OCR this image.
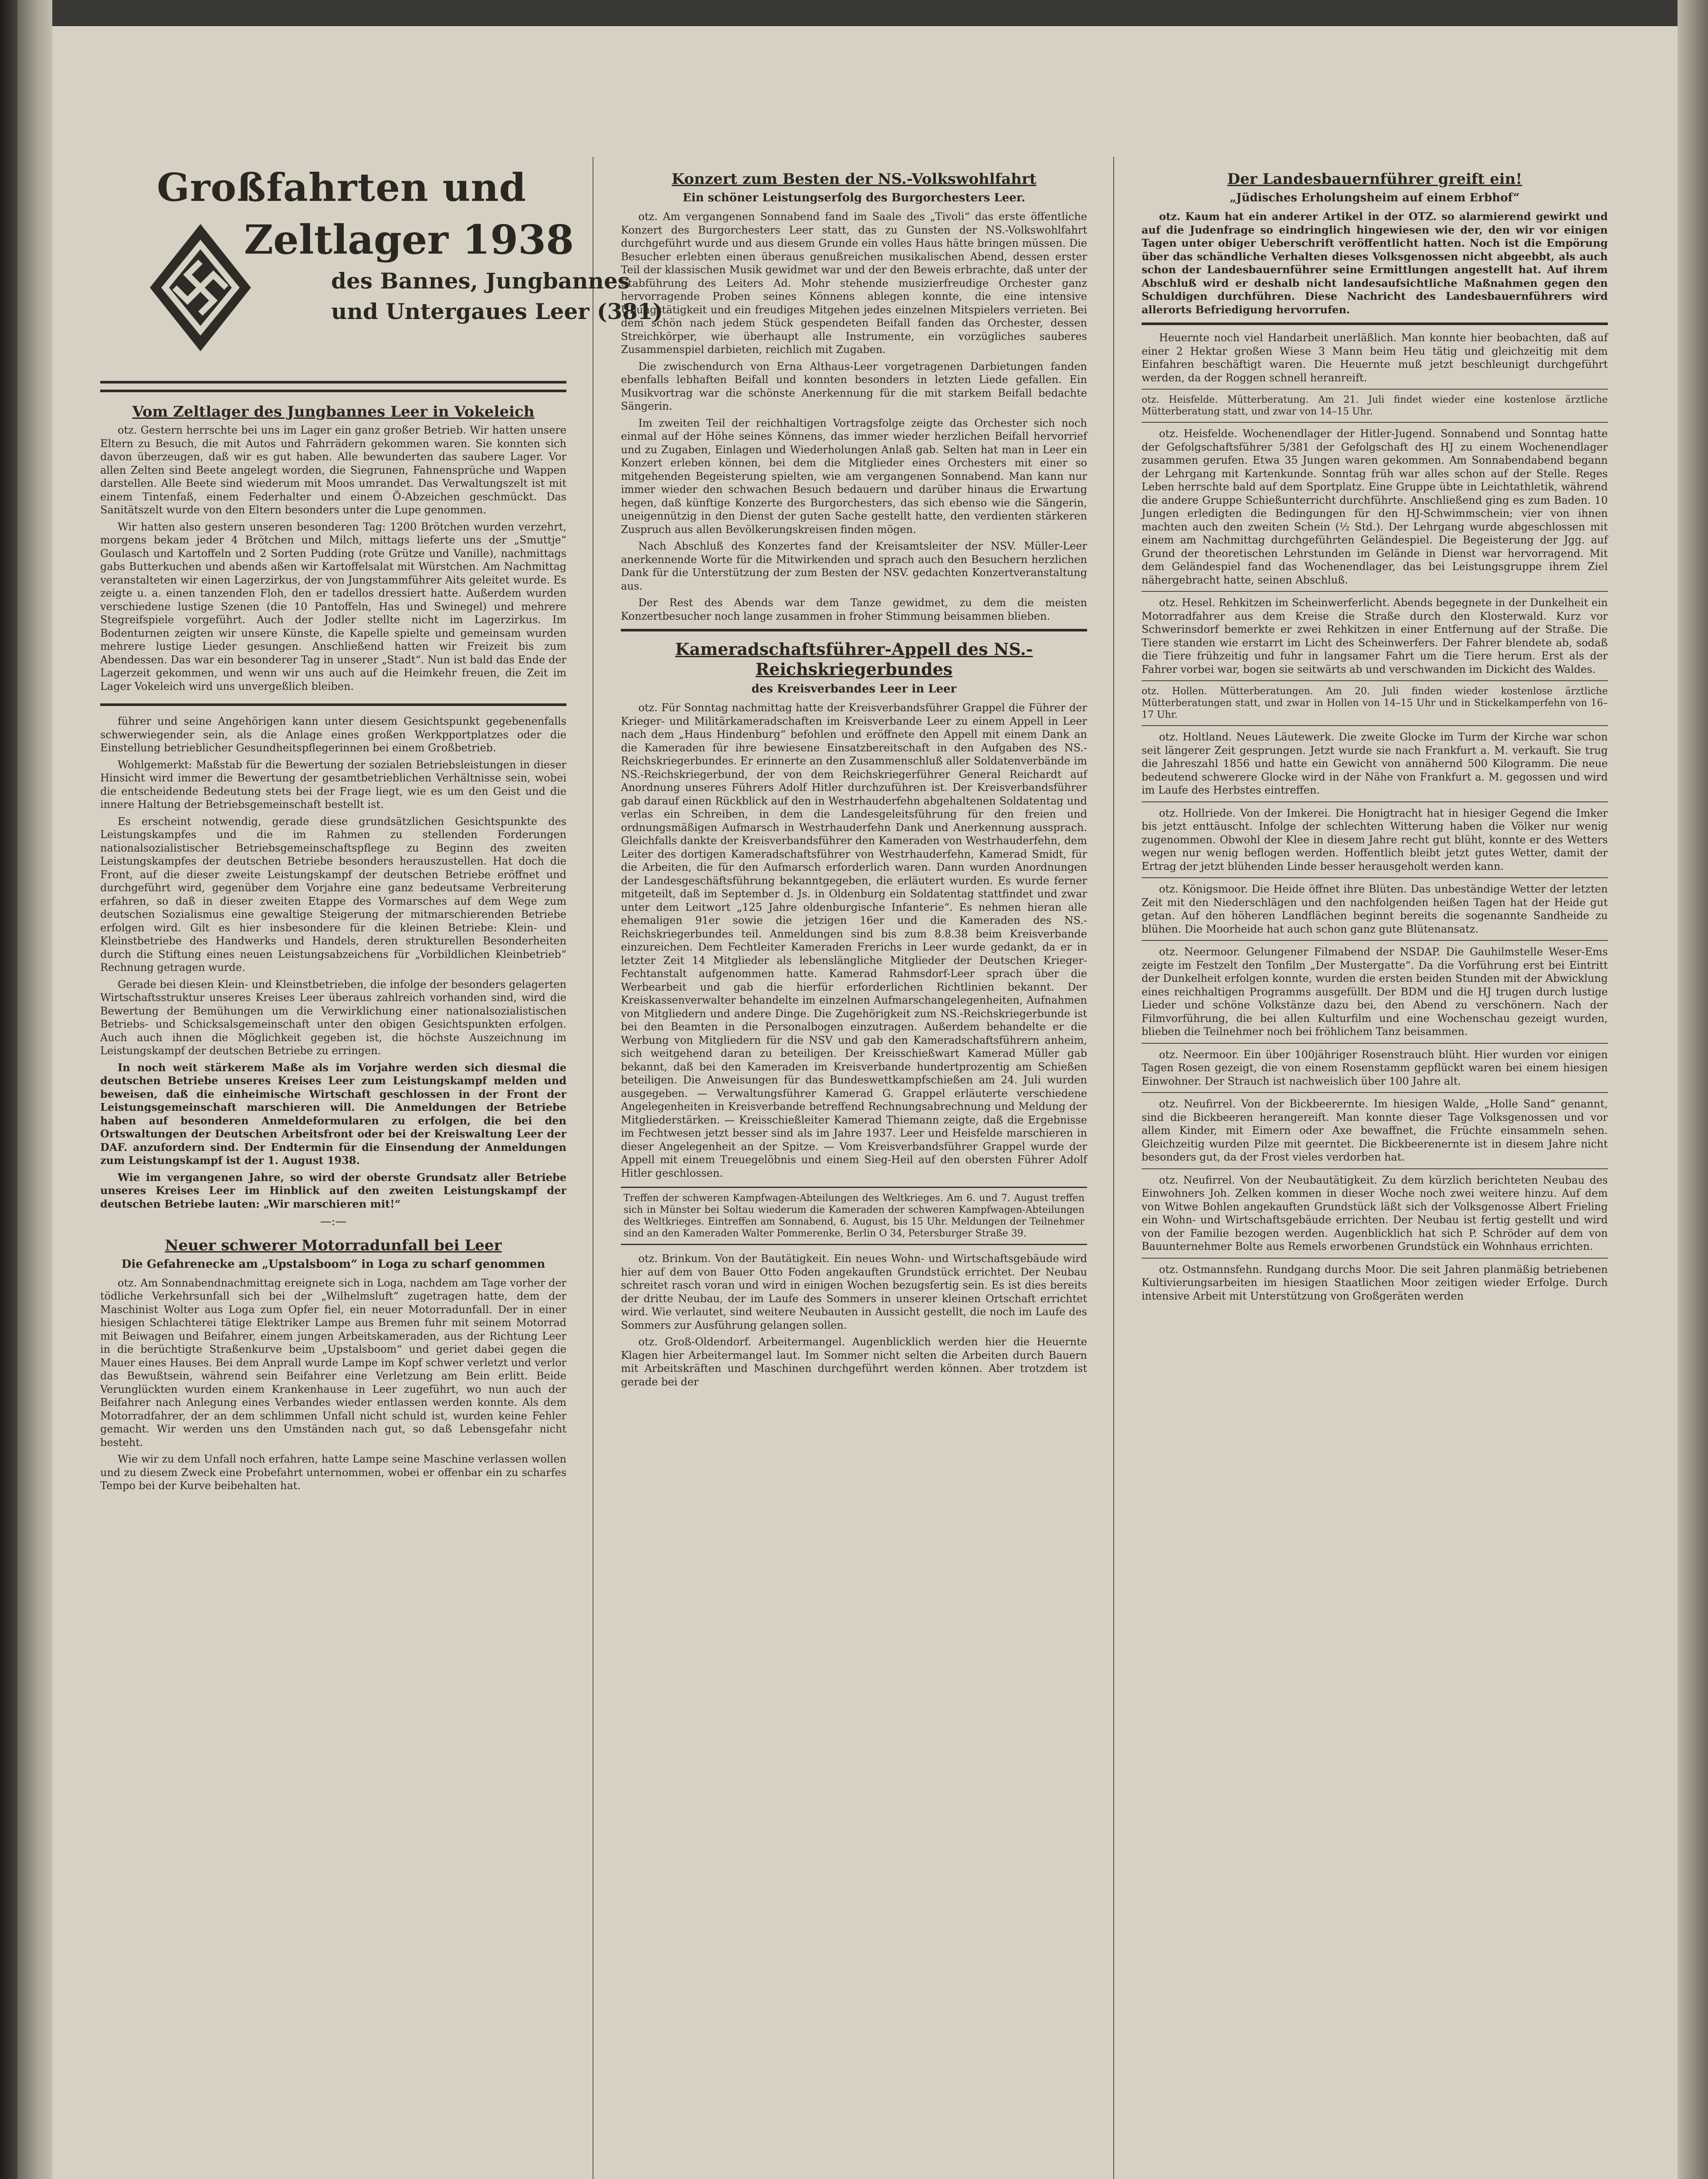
Großfahrten und
Zeltlager 1938
des Bannes, Jungbannes
und Untergaues Leer (381)
Vom Zeltlager des Jungbannes Leer in Vokeleich

otz. Gestern herrschte bei uns im Lager ein ganz großer Betrieb. Wir hatten unsere Eltern zu Besuch, die mit Autos und Fahrrädern gekommen waren. Sie konnten sich davon überzeugen, daß wir es gut haben. Alle bewunderten das saubere Lager. Vor allen Zelten sind Beete angelegt worden, die Siegrunen, Fahnensprüche und Wappen darstellen. Alle Beete sind wiederum mit Moos umrandet. Das Verwaltungszelt ist mit einem Tintenfaß, einem Federhalter und einem Ö-Abzeichen geschmückt. Das Sanitätszelt wurde von den Eltern besonders unter die Lupe genommen.

Wir hatten also gestern unseren besonderen Tag: 1200 Brötchen wurden verzehrt, morgens bekam jeder 4 Brötchen und Milch, mittags lieferte uns der „Smuttje“ Goulasch und Kartoffeln und 2 Sorten Pudding (rote Grütze und Vanille), nachmittags gabs Butterkuchen und abends aßen wir Kartoffelsalat mit Würstchen. Am Nachmittag veranstalteten wir einen Lagerzirkus, der von Jungstammführer Aits geleitet wurde. Es zeigte u. a. einen tanzenden Floh, den er tadellos dressiert hatte. Außerdem wurden verschiedene lustige Szenen (die 10 Pantoffeln, Has und Swinegel) und mehrere Stegreifspiele vorgeführt. Auch der Jodler stellte nicht im Lagerzirkus. Im Bodenturnen zeigten wir unsere Künste, die Kapelle spielte und gemeinsam wurden mehrere lustige Lieder gesungen. Anschließend hatten wir Freizeit bis zum Abendessen. Das war ein besonderer Tag in unserer „Stadt“. Nun ist bald das Ende der Lagerzeit gekommen, und wenn wir uns auch auf die Heimkehr freuen, die Zeit im Lager Vokeleich wird uns unvergeßlich bleiben.

führer und seine Angehörigen kann unter diesem Gesichtspunkt gegebenenfalls schwerwiegender sein, als die Anlage eines großen Werkpportplatzes oder die Einstellung betrieblicher Gesundheitspflegerinnen bei einem Großbetrieb.

Wohlgemerkt: Maßstab für die Bewertung der sozialen Betriebsleistungen in dieser Hinsicht wird immer die Bewertung der gesamtbetrieblichen Verhältnisse sein, wobei die entscheidende Bedeutung stets bei der Frage liegt, wie es um den Geist und die innere Haltung der Betriebsgemeinschaft bestellt ist.

Es erscheint notwendig, gerade diese grundsätzlichen Gesichtspunkte des Leistungskampfes und die im Rahmen zu stellenden Forderungen nationalsozialistischer Betriebsgemeinschaftspflege zu Beginn des zweiten Leistungskampfes der deutschen Betriebe besonders herauszustellen. Hat doch die Front, auf die dieser zweite Leistungskampf der deutschen Betriebe eröffnet und durchgeführt wird, gegenüber dem Vorjahre eine ganz bedeutsame Verbreiterung erfahren, so daß in dieser zweiten Etappe des Vormarsches auf dem Wege zum deutschen Sozialismus eine gewaltige Steigerung der mitmarschierenden Betriebe erfolgen wird. Gilt es hier insbesondere für die kleinen Betriebe: Klein- und Kleinstbetriebe des Handwerks und Handels, deren strukturellen Besonderheiten durch die Stiftung eines neuen Leistungsabzeichens für „Vorbildlichen Kleinbetrieb“ Rechnung getragen wurde.

Gerade bei diesen Klein- und Kleinstbetrieben, die infolge der besonders gelagerten Wirtschaftsstruktur unseres Kreises Leer überaus zahlreich vorhanden sind, wird die Bewertung der Bemühungen um die Verwirklichung einer nationalsozialistischen Betriebs- und Schicksalsgemeinschaft unter den obigen Gesichtspunkten erfolgen. Auch auch ihnen die Möglichkeit gegeben ist, die höchste Auszeichnung im Leistungskampf der deutschen Betriebe zu erringen.

In noch weit stärkerem Maße als im Vorjahre werden sich diesmal die deutschen Betriebe unseres Kreises Leer zum Leistungskampf melden und beweisen, daß die einheimische Wirtschaft geschlossen in der Front der Leistungsgemeinschaft marschieren will. Die Anmeldungen der Betriebe haben auf besonderen Anmeldeformularen zu erfolgen, die bei den Ortswaltungen der Deutschen Arbeitsfront oder bei der Kreiswaltung Leer der DAF. anzufordern sind. Der Endtermin für die Einsendung der Anmeldungen zum Leistungskampf ist der 1. August 1938.

Wie im vergangenen Jahre, so wird der oberste Grundsatz aller Betriebe unseres Kreises Leer im Hinblick auf den zweiten Leistungskampf der deutschen Betriebe lauten: „Wir marschieren mit!“

—:—
Neuer schwerer Motorradunfall bei Leer
Die Gefahrenecke am „Upstalsboom“ in Loga zu scharf genommen

otz. Am Sonnabendnachmittag ereignete sich in Loga, nachdem am Tage vorher der tödliche Verkehrsunfall sich bei der „Wilhelmsluft“ zugetragen hatte, dem der Maschinist Wolter aus Loga zum Opfer fiel, ein neuer Motorradunfall. Der in einer hiesigen Schlachterei tätige Elektriker Lampe aus Bremen fuhr mit seinem Motorrad mit Beiwagen und Beifahrer, einem jungen Arbeitskameraden, aus der Richtung Leer in die berüchtigte Straßenkurve beim „Upstalsboom“ und geriet dabei gegen die Mauer eines Hauses. Bei dem Anprall wurde Lampe im Kopf schwer verletzt und verlor das Bewußtsein, während sein Beifahrer eine Verletzung am Bein erlitt. Beide Verunglückten wurden einem Krankenhause in Leer zugeführt, wo nun auch der Beifahrer nach Anlegung eines Verbandes wieder entlassen werden konnte. Als dem Motorradfahrer, der an dem schlimmen Unfall nicht schuld ist, wurden keine Fehler gemacht. Wir werden uns den Umständen nach gut, so daß Lebensgefahr nicht besteht.

Wie wir zu dem Unfall noch erfahren, hatte Lampe seine Maschine verlassen wollen und zu diesem Zweck eine Probefahrt unternommen, wobei er offenbar ein zu scharfes Tempo bei der Kurve beibehalten hat.

Konzert zum Besten der NS.-Volkswohlfahrt
Ein schöner Leistungserfolg des Burgorchesters Leer.

otz. Am vergangenen Sonnabend fand im Saale des „Tivoli“ das erste öffentliche Konzert des Burgorchesters Leer statt, das zu Gunsten der NS.-Volkswohlfahrt durchgeführt wurde und aus diesem Grunde ein volles Haus hätte bringen müssen. Die Besucher erlebten einen überaus genußreichen musikalischen Abend, dessen erster Teil der klassischen Musik gewidmet war und der den Beweis erbrachte, daß unter der Stabführung des Leiters Ad. Mohr stehende musizierfreudige Orchester ganz hervorragende Proben seines Könnens ablegen konnte, die eine intensive Übungstätigkeit und ein freudiges Mitgehen jedes einzelnen Mitspielers verrieten. Bei dem schön nach jedem Stück gespendeten Beifall fanden das Orchester, dessen Streichkörper, wie überhaupt alle Instrumente, ein vorzügliches sauberes Zusammenspiel darbieten, reichlich mit Zugaben.

Die zwischendurch von Erna Althaus-Leer vorgetragenen Darbietungen fanden ebenfalls lebhaften Beifall und konnten besonders in letzten Liede gefallen. Ein Musikvortrag war die schönste Anerkennung für die mit starkem Beifall bedachte Sängerin.

Im zweiten Teil der reichhaltigen Vortragsfolge zeigte das Orchester sich noch einmal auf der Höhe seines Könnens, das immer wieder herzlichen Beifall hervorrief und zu Zugaben, Einlagen und Wiederholungen Anlaß gab. Selten hat man in Leer ein Konzert erleben können, bei dem die Mitglieder eines Orchesters mit einer so mitgehenden Begeisterung spielten, wie am vergangenen Sonnabend. Man kann nur immer wieder den schwachen Besuch bedauern und darüber hinaus die Erwartung hegen, daß künftige Konzerte des Burgorchesters, das sich ebenso wie die Sängerin, uneigennützig in den Dienst der guten Sache gestellt hatte, den verdienten stärkeren Zuspruch aus allen Bevölkerungskreisen finden mögen.

Nach Abschluß des Konzertes fand der Kreisamtsleiter der NSV. Müller-Leer anerkennende Worte für die Mitwirkenden und sprach auch den Besuchern herzlichen Dank für die Unterstützung der zum Besten der NSV. gedachten Konzertveranstaltung aus.

Der Rest des Abends war dem Tanze gewidmet, zu dem die meisten Konzertbesucher noch lange zusammen in froher Stimmung beisammen blieben.

Kameradschaftsführer-Appell des NS.-Reichskriegerbundes
des Kreisverbandes Leer in Leer

otz. Für Sonntag nachmittag hatte der Kreisverbandsführer Grappel die Führer der Krieger- und Militärkameradschaften im Kreisverbande Leer zu einem Appell in Leer nach dem „Haus Hindenburg“ befohlen und eröffnete den Appell mit einem Dank an die Kameraden für ihre bewiesene Einsatzbereitschaft in den Aufgaben des NS.-Reichskriegerbundes. Er erinnerte an den Zusammenschluß aller Soldatenverbände im NS.-Reichskriegerbund, der von dem Reichskriegerführer General Reichardt auf Anordnung unseres Führers Adolf Hitler durchzuführen ist. Der Kreisverbandsführer gab darauf einen Rückblick auf den in Westrhauderfehn abgehaltenen Soldatentag und verlas ein Schreiben, in dem die Landesgeleitsführung für den freien und ordnungsmäßigen Aufmarsch in Westrhauderfehn Dank und Anerkennung aussprach. Gleichfalls dankte der Kreisverbandsführer den Kameraden von Westrhauderfehn, dem Leiter des dortigen Kameradschaftsführer von Westrhauderfehn, Kamerad Smidt, für die Arbeiten, die für den Aufmarsch erforderlich waren. Dann wurden Anordnungen der Landesgeschäftsführung bekanntgegeben, die erläutert wurden. Es wurde ferner mitgeteilt, daß im September d. Js. in Oldenburg ein Soldatentag stattfindet und zwar unter dem Leitwort „125 Jahre oldenburgische Infanterie“. Es nehmen hieran alle ehemaligen 91er sowie die jetzigen 16er und die Kameraden des NS.-Reichskriegerbundes teil. Anmeldungen sind bis zum 8.8.38 beim Kreisverbande einzureichen. Dem Fechtleiter Kameraden Frerichs in Leer wurde gedankt, da er in letzter Zeit 14 Mitglieder als lebenslängliche Mitglieder der Deutschen Krieger-Fechtanstalt aufgenommen hatte. Kamerad Rahmsdorf-Leer sprach über die Werbearbeit und gab die hierfür erforderlichen Richtlinien bekannt. Der Kreiskassenverwalter behandelte im einzelnen Aufmarschangelegenheiten, Aufnahmen von Mitgliedern und andere Dinge. Die Zugehörigkeit zum NS.-Reichskriegerbunde ist bei den Beamten in die Personalbogen einzutragen. Außerdem behandelte er die Werbung von Mitgliedern für die NSV und gab den Kameradschaftsführern anheim, sich weitgehend daran zu beteiligen. Der Kreisschießwart Kamerad Müller gab bekannt, daß bei den Kameraden im Kreisverbande hundertprozentig am Schießen beteiligen. Die Anweisungen für das Bundeswettkampfschießen am 24. Juli wurden ausgegeben. — Verwaltungsführer Kamerad G. Grappel erläuterte verschiedene Angelegenheiten in Kreisverbande betreffend Rechnungsabrechnung und Meldung der Mitgliederstärken. — Kreisschießleiter Kamerad Thiemann zeigte, daß die Ergebnisse im Fechtwesen jetzt besser sind als im Jahre 1937. Leer und Heisfelde marschieren in dieser Angelegenheit an der Spitze. — Vom Kreisverbandsführer Grappel wurde der Appell mit einem Treuegelöbnis und einem Sieg-Heil auf den obersten Führer Adolf Hitler geschlossen.

Treffen der schweren Kampfwagen-Abteilungen des Weltkrieges. Am 6. und 7. August treffen sich in Münster bei Soltau wiederum die Kameraden der schweren Kampfwagen-Abteilungen des Weltkrieges. Eintreffen am Sonnabend, 6. August, bis 15 Uhr. Meldungen der Teilnehmer sind an den Kameraden Walter Pommerenke, Berlin O 34, Petersburger Straße 39.

otz. Brinkum. Von der Bautätigkeit. Ein neues Wohn- und Wirtschaftsgebäude wird hier auf dem von Bauer Otto Foden angekauften Grundstück errichtet. Der Neubau schreitet rasch voran und wird in einigen Wochen bezugsfertig sein. Es ist dies bereits der dritte Neubau, der im Laufe des Sommers in unserer kleinen Ortschaft errichtet wird. Wie verlautet, sind weitere Neubauten in Aussicht gestellt, die noch im Laufe des Sommers zur Ausführung gelangen sollen.

otz. Groß-Oldendorf. Arbeitermangel. Augenblicklich werden hier die Heuernte Klagen hier Arbeitermangel laut. Im Sommer nicht selten die Arbeiten durch Bauern mit Arbeitskräften und Maschinen durchgeführt werden können. Aber trotzdem ist gerade bei der

Der Landesbauernführer greift ein!
„Jüdisches Erholungsheim auf einem Erbhof“

otz. Kaum hat ein anderer Artikel in der OTZ. so alarmierend gewirkt und auf die Judenfrage so eindringlich hingewiesen wie der, den wir vor einigen Tagen unter obiger Ueberschrift veröffentlicht hatten. Noch ist die Empörung über das schändliche Verhalten dieses Volksgenossen nicht abgeebbt, als auch schon der Landesbauernführer seine Ermittlungen angestellt hat. Auf ihrem Abschluß wird er deshalb nicht landesaufsichtliche Maßnahmen gegen den Schuldigen durchführen. Diese Nachricht des Landesbauernführers wird allerorts Befriedigung hervorrufen.

Heuernte noch viel Handarbeit unerläßlich. Man konnte hier beobachten, daß auf einer 2 Hektar großen Wiese 3 Mann beim Heu tätig und gleichzeitig mit dem Einfahren beschäftigt waren. Die Heuernte muß jetzt beschleunigt durchgeführt werden, da der Roggen schnell heranreift.

otz. Heisfelde. Mütterberatung. Am 21. Juli findet wieder eine kostenlose ärztliche Mütterberatung statt, und zwar von 14–15 Uhr.

otz. Heisfelde. Wochenendlager der Hitler-Jugend. Sonnabend und Sonntag hatte der Gefolgschaftsführer 5/381 der Gefolgschaft des HJ zu einem Wochenendlager zusammen gerufen. Etwa 35 Jungen waren gekommen. Am Sonnabendabend begann der Lehrgang mit Kartenkunde. Sonntag früh war alles schon auf der Stelle. Reges Leben herrschte bald auf dem Sportplatz. Eine Gruppe übte in Leichtathletik, während die andere Gruppe Schießunterricht durchführte. Anschließend ging es zum Baden. 10 Jungen erledigten die Bedingungen für den HJ-Schwimmschein; vier von ihnen machten auch den zweiten Schein (½ Std.). Der Lehrgang wurde abgeschlossen mit einem am Nachmittag durchgeführten Geländespiel. Die Begeisterung der Jgg. auf Grund der theoretischen Lehrstunden im Gelände in Dienst war hervorragend. Mit dem Geländespiel fand das Wochenendlager, das bei Leistungsgruppe ihrem Ziel nähergebracht hatte, seinen Abschluß.

otz. Hesel. Rehkitzen im Scheinwerferlicht. Abends begegnete in der Dunkelheit ein Motorradfahrer aus dem Kreise die Straße durch den Klosterwald. Kurz vor Schwerinsdorf bemerkte er zwei Rehkitzen in einer Entfernung auf der Straße. Die Tiere standen wie erstarrt im Licht des Scheinwerfers. Der Fahrer blendete ab, sodaß die Tiere frühzeitig und fuhr in langsamer Fahrt um die Tiere herum. Erst als der Fahrer vorbei war, bogen sie seitwärts ab und verschwanden im Dickicht des Waldes.

otz. Hollen. Mütterberatungen. Am 20. Juli finden wieder kostenlose ärztliche Mütterberatungen statt, und zwar in Hollen von 14–15 Uhr und in Stickelkamperfehn von 16–17 Uhr.

otz. Holtland. Neues Läutewerk. Die zweite Glocke im Turm der Kirche war schon seit längerer Zeit gesprungen. Jetzt wurde sie nach Frankfurt a. M. verkauft. Sie trug die Jahreszahl 1856 und hatte ein Gewicht von annähernd 500 Kilogramm. Die neue bedeutend schwerere Glocke wird in der Nähe von Frankfurt a. M. gegossen und wird im Laufe des Herbstes eintreffen.

otz. Hollriede. Von der Imkerei. Die Honigtracht hat in hiesiger Gegend die Imker bis jetzt enttäuscht. Infolge der schlechten Witterung haben die Völker nur wenig zugenommen. Obwohl der Klee in diesem Jahre recht gut blüht, konnte er des Wetters wegen nur wenig beflogen werden. Hoffentlich bleibt jetzt gutes Wetter, damit der Ertrag der jetzt blühenden Linde besser herausgeholt werden kann.

otz. Königsmoor. Die Heide öffnet ihre Blüten. Das unbeständige Wetter der letzten Zeit mit den Niederschlägen und den nachfolgenden heißen Tagen hat der Heide gut getan. Auf den höheren Landflächen beginnt bereits die sogenannte Sandheide zu blühen. Die Moorheide hat auch schon ganz gute Blütenansatz.

otz. Neermoor. Gelungener Filmabend der NSDAP. Die Gauhilmstelle Weser-Ems zeigte im Festzelt den Tonfilm „Der Mustergatte“. Da die Vorführung erst bei Eintritt der Dunkelheit erfolgen konnte, wurden die ersten beiden Stunden mit der Abwicklung eines reichhaltigen Programms ausgefüllt. Der BDM und die HJ trugen durch lustige Lieder und schöne Volkstänze dazu bei, den Abend zu verschönern. Nach der Filmvorführung, die bei allen Kulturfilm und eine Wochenschau gezeigt wurden, blieben die Teilnehmer noch bei fröhlichem Tanz beisammen.

otz. Neermoor. Ein über 100jähriger Rosenstrauch blüht. Hier wurden vor einigen Tagen Rosen gezeigt, die von einem Rosenstamm gepflückt waren bei einem hiesigen Einwohner. Der Strauch ist nachweislich über 100 Jahre alt.

otz. Neufirrel. Von der Bickbeerernte. Im hiesigen Walde, „Holle Sand“ genannt, sind die Bickbeeren herangereift. Man konnte dieser Tage Volksgenossen und vor allem Kinder, mit Eimern oder Axe bewaffnet, die Früchte einsammeln sehen. Gleichzeitig wurden Pilze mit geerntet. Die Bickbeerenernte ist in diesem Jahre nicht besonders gut, da der Frost vieles verdorben hat.

otz. Neufirrel. Von der Neubautätigkeit. Zu dem kürzlich berichteten Neubau des Einwohners Joh. Zelken kommen in dieser Woche noch zwei weitere hinzu. Auf dem von Witwe Bohlen angekauften Grundstück läßt sich der Volksgenosse Albert Frieling ein Wohn- und Wirtschaftsgebäude errichten. Der Neubau ist fertig gestellt und wird von der Familie bezogen werden. Augenblicklich hat sich P. Schröder auf dem von Bauunternehmer Bolte aus Remels erworbenen Grundstück ein Wohnhaus errichten.

otz. Ostmannsfehn. Rundgang durchs Moor. Die seit Jahren planmäßig betriebenen Kultivierungsarbeiten im hiesigen Staatlichen Moor zeitigen wieder Erfolge. Durch intensive Arbeit mit Unterstützung von Großgeräten werden
